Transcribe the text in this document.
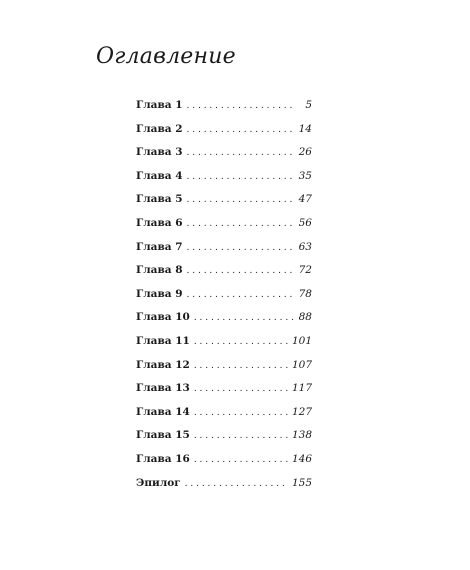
Оглавление
Глава 1 . . .	5
Глава 2 . . .	14
Глава 3 . . .	26
Глава 4 . . .	35
Глава 5 . . .	47
Глава 6 . . .	56
Глава 7 . . .	63
Глава 8 . . .	72
Глава 9 . . .	78
Глава 10 . . .	88
Глава 11 . . .	101
Глава 12 . . .	107
Глава 13 . . .	117
Глава 14 . . .	127
Глава 15 . . .	138
Глава 16 . . .	146
Эпилог . . .	155
